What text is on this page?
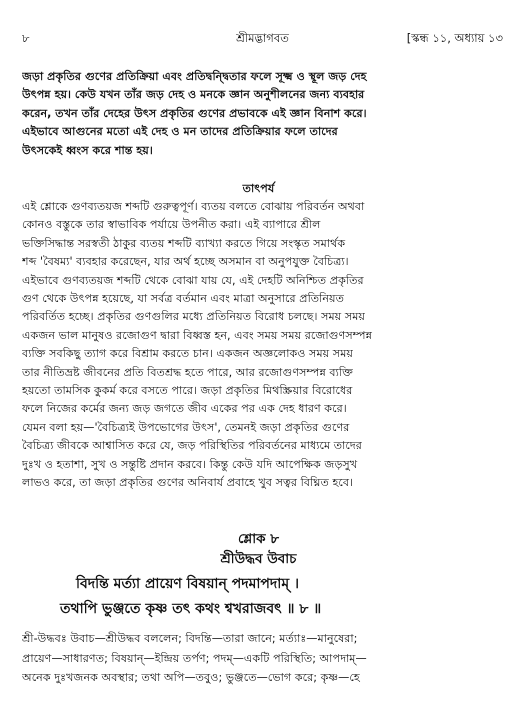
৮	শ্রীমদ্ভাগবত	[স্কন্ধ ১১, অধ্যায় ১৩

জড়া প্রকৃতির গুণের প্রতিক্রিয়া এবং প্রতিদ্বন্দ্বিতার ফলে সূক্ষ্ম ও স্থূল জড় দেহ

উৎপন্ন হয়। কেউ যখন তাঁর জড় দেহ ও মনকে জ্ঞান অনুশীলনের জন্য ব্যবহার

করেন, তখন তাঁর দেহের উৎস প্রকৃতির গুণের প্রভাবকে এই জ্ঞান বিনাশ করে।

এইভাবে আগুনের মতো এই দেহ ও মন তাদের প্রতিক্রিয়ার ফলে তাদের

উৎসকেই ধ্বংস করে শান্ত হয়।

তাৎপর্য

এই শ্লোকে গুণব্যতয়জ শব্দটি গুরুত্বপূর্ণ। ব্যতয় বলতে বোঝায় পরিবর্তন অথবা

কোনও বস্তুকে তার স্বাভাবিক পর্যায়ে উপনীত করা। এই ব্যাপারে শ্রীল

ভক্তিসিদ্ধান্ত সরস্বতী ঠাকুর ব্যতয় শব্দটি ব্যাখ্যা করতে গিয়ে সংস্কৃত সমার্থক

শব্দ 'বৈষম্য' ব্যবহার করেছেন, যার অর্থ হচ্ছে অসমান বা অনুপযুক্ত বৈচিত্র্য।

এইভাবে গুণব্যতয়জ শব্দটি থেকে বোঝা যায় যে, এই দেহটি অনিশ্চিত প্রকৃতির

গুণ থেকে উৎপন্ন হয়েছে, যা সর্বত্র বর্তমান এবং মাত্রা অনুসারে প্রতিনিয়ত

পরিবর্তিত হচ্ছে। প্রকৃতির গুণগুলির মধ্যে প্রতিনিয়ত বিরোধ চলছে। সময় সময়

একজন ভাল মানুষও রজোগুণ দ্বারা বিধ্বস্ত হন, এবং সময় সময় রজোগুণসম্পন্ন

ব্যক্তি সবকিছু ত্যাগ করে বিশ্রাম করতে চান। একজন অজ্ঞলোকও সময় সময়

তার নীতিভ্রষ্ট জীবনের প্রতি বিতশ্রদ্ধ হতে পারে, আর রজোগুণসম্পন্ন ব্যক্তি

হয়তো তামসিক কুকর্ম করে বসতে পারে। জড়া প্রকৃতির মিথস্ক্রিয়ার বিরোধের

ফলে নিজের কর্মের জন্য জড় জগতে জীব একের পর এক দেহ ধারণ করে।

যেমন বলা হয়—'বৈচিত্র্যই উপভোগের উৎস', তেমনই জড়া প্রকৃতির গুণের

বৈচিত্র্য জীবকে আশ্বাসিত করে যে, জড় পরিস্থিতির পরিবর্তনের মাধ্যমে তাদের

দুঃখ ও হতাশা, সুখ ও সন্তুষ্টি প্রদান করবে। কিন্তু কেউ যদি আপেক্ষিক জড়সুখ

লাভও করে, তা জড়া প্রকৃতির গুণের অনিবার্য প্রবাহে খুব সত্বর বিঘ্নিত হবে।

শ্লোক ৮
শ্রীউদ্ধব উবাচ
বিদন্তি মর্ত্যা প্রায়েণ বিষয়ান্ পদমাপদাম্ ।
তথাপি ভুঞ্জতে কৃষ্ণ তৎ কথং শ্বখরাজবৎ ॥ ৮ ॥

শ্রী-উদ্ধবঃ উবাচ—শ্রীউদ্ধব বললেন; বিদন্তি—তারা জানে; মর্ত্যাঃ—মানুষেরা;

প্রায়েণ—সাধারণত; বিষয়ান্—ইন্দ্রিয় তর্পণ; পদম্—একটি পরিস্থিতি; আপদাম্—

অনেক দুঃখজনক অবস্থার; তথা অপি—তবুও; ভুঞ্জতে—ভোগ করে; কৃষ্ণ—হে
